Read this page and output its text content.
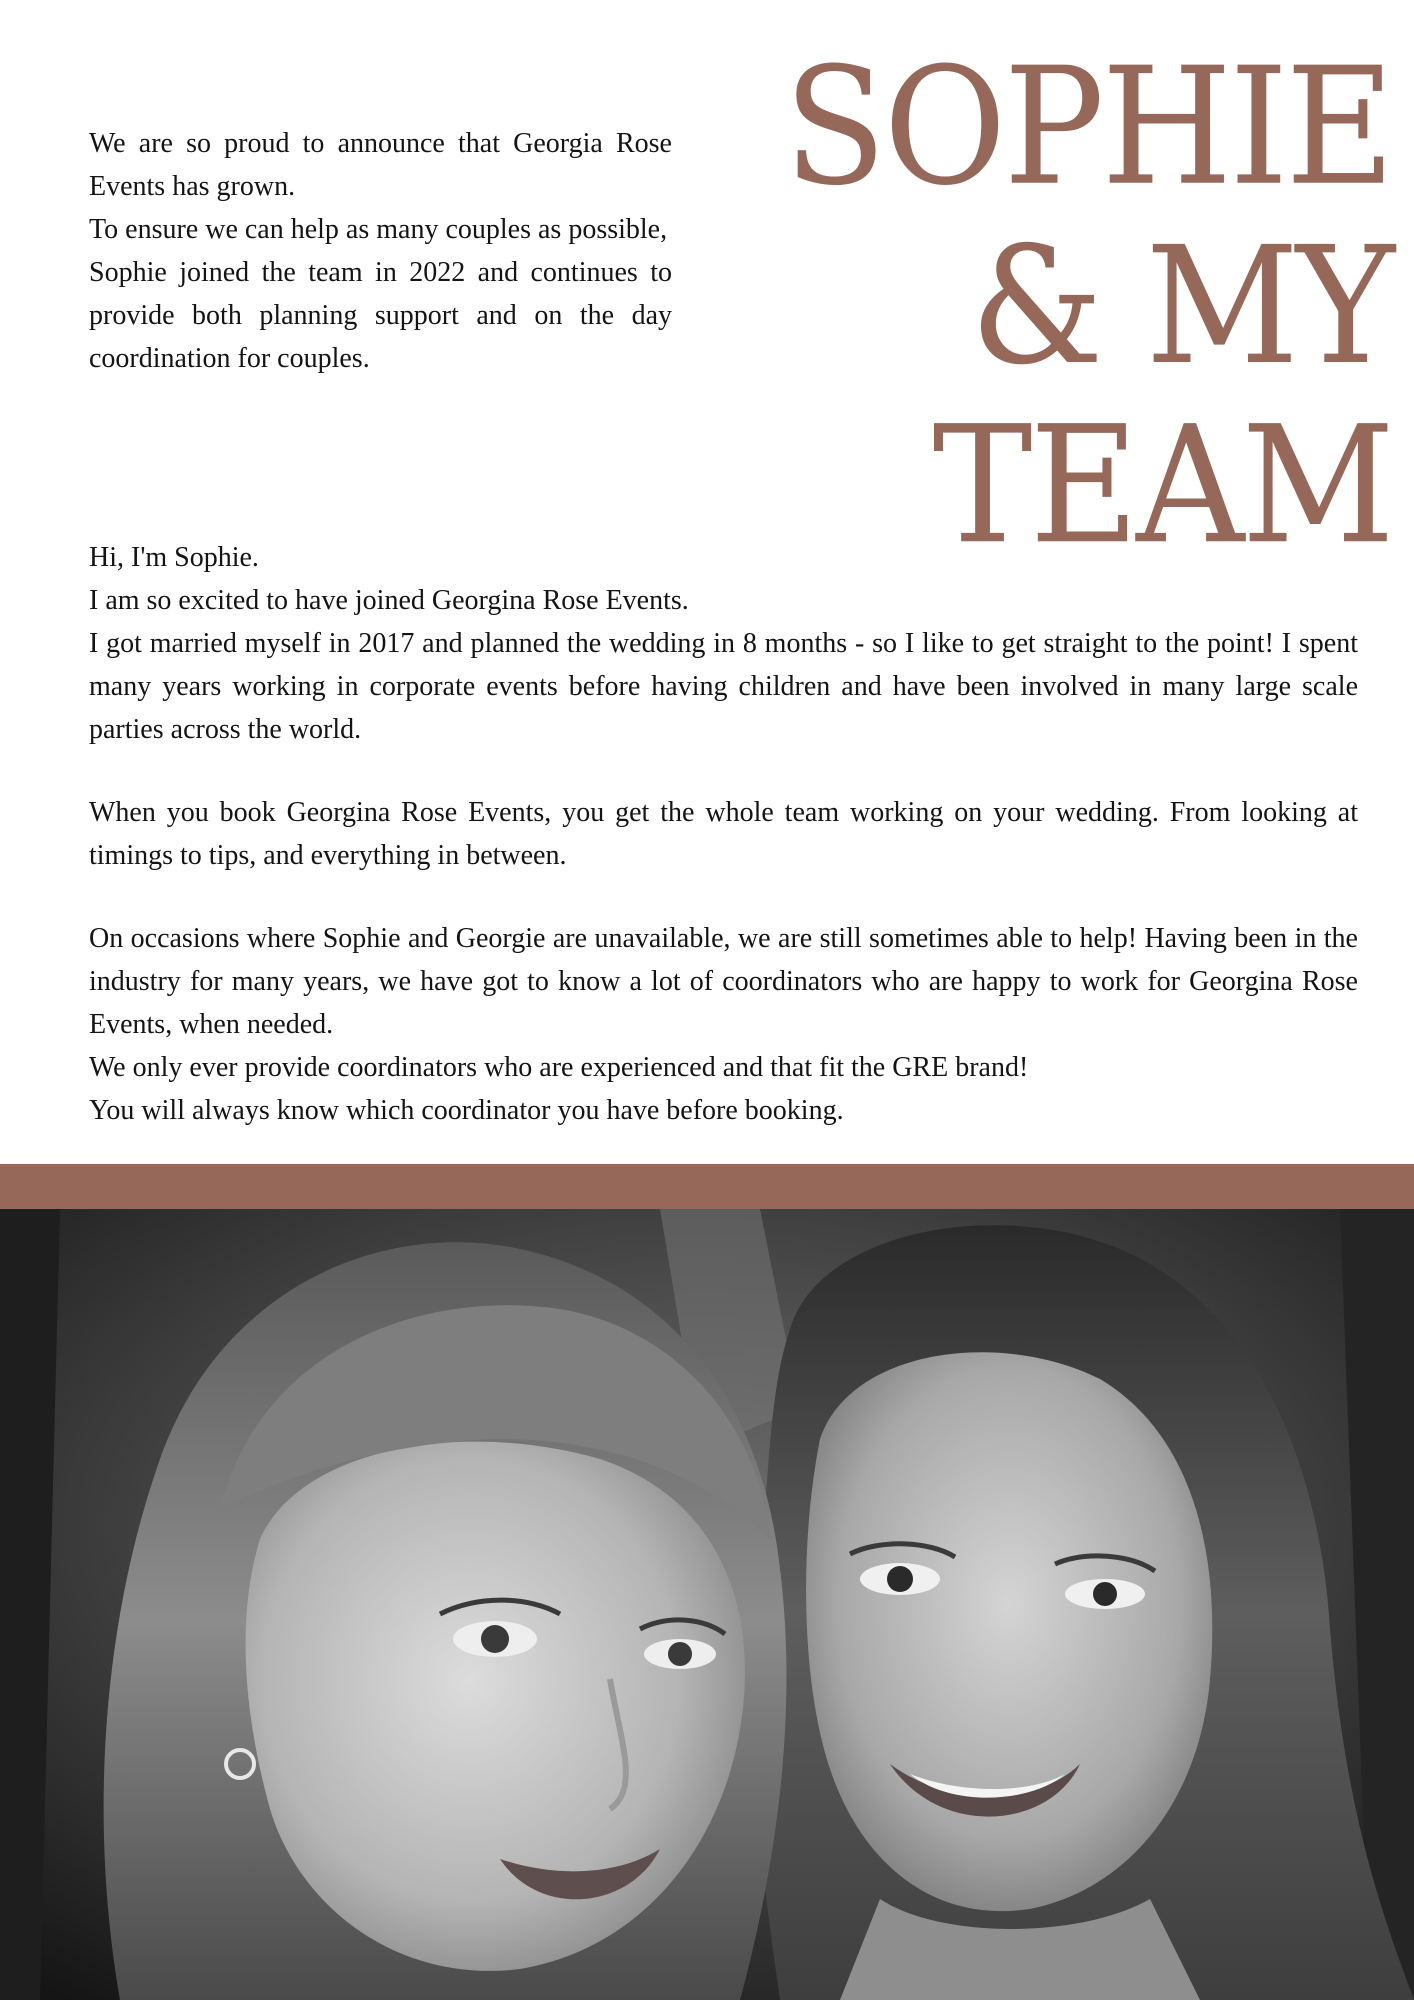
We are so proud to announce that Georgia Rose Events has grown.

To ensure we can help as many couples as possible,

Sophie joined the team in 2022 and continues to provide both planning support and on the day coordination for couples.

SOPHIE
& MY
TEAM

Hi, I'm Sophie.

I am so excited to have joined Georgina Rose Events.

I got married myself in 2017 and planned the wedding in 8 months - so I like to get straight to the point! I spent many years working in corporate events before having children and have been involved in many large scale parties across the world.

When you book Georgina Rose Events, you get the whole team working on your wedding. From looking at timings to tips, and everything in between.

On occasions where Sophie and Georgie are unavailable, we are still sometimes able to help! Having been in the industry for many years, we have got to know a lot of coordinators who are happy to work for Georgina Rose Events, when needed.

We only ever provide coordinators who are experienced and that fit the GRE brand!

You will always know which coordinator you have before booking.
